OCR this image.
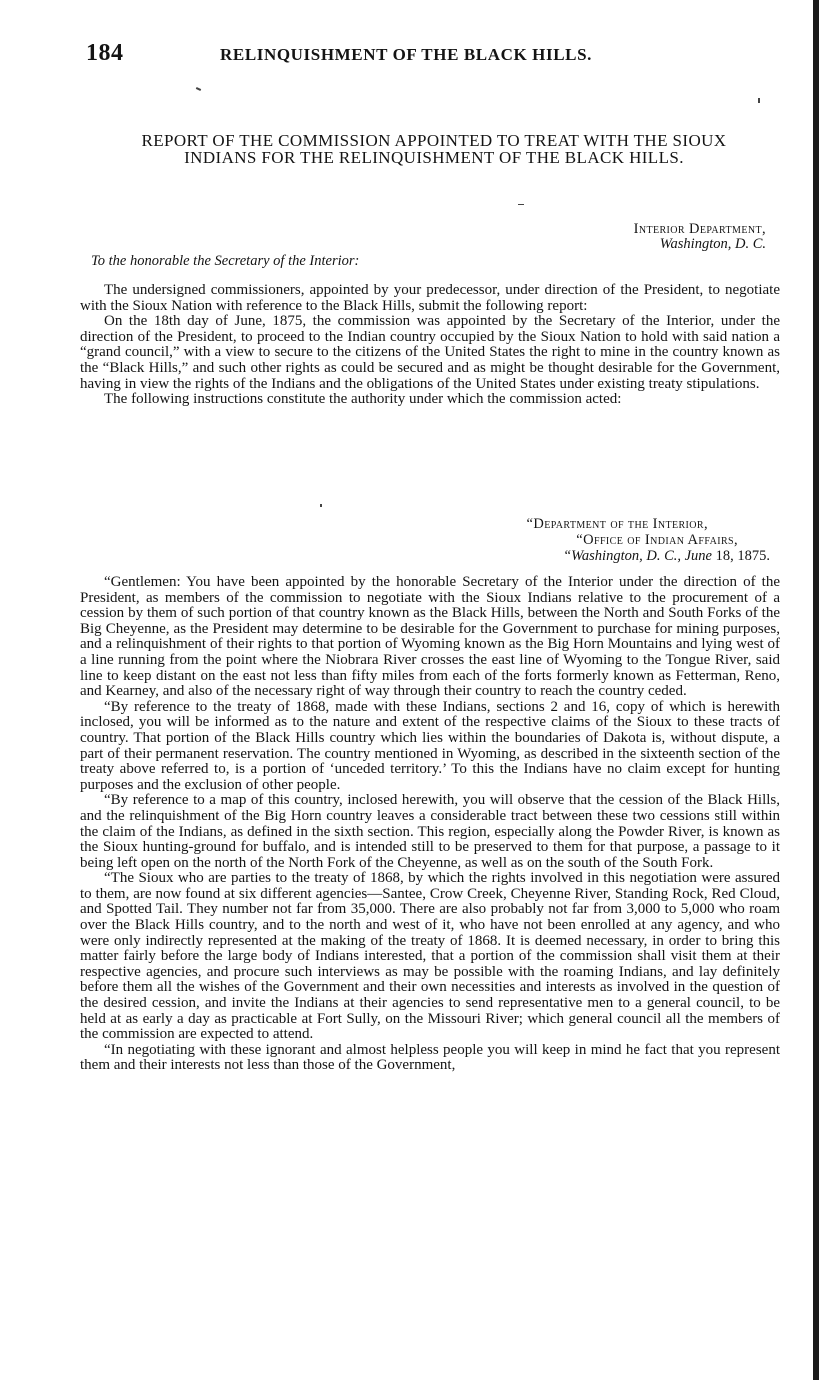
184	RELINQUISHMENT OF THE BLACK HILLS.
REPORT OF THE COMMISSION APPOINTED TO TREAT WITH THE SIOUX
INDIANS FOR THE RELINQUISHMENT OF THE BLACK HILLS.
Interior Department,
Washington, D. C.
To the honorable the Secretary of the Interior:

The undersigned commissioners, appointed by your predecessor, under direction of the President, to negotiate with the Sioux Nation with reference to the Black Hills, submit the following report:

On the 18th day of June, 1875, the commission was appointed by the Secretary of the Interior, under the direction of the President, to proceed to the Indian country occupied by the Sioux Nation to hold with said nation a “grand council,” with a view to secure to the citizens of the United States the right to mine in the country known as the “Black Hills,” and such other rights as could be secured and as might be thought desirable for the Government, having in view the rights of the Indians and the obligations of the United States under existing treaty stipulations.

The following instructions constitute the authority under which the commission acted:

“Department of the Interior,
“Office of Indian Affairs,
“Washington, D. C., June 18, 1875.

“Gentlemen: You have been appointed by the honorable Secretary of the Interior under the direction of the President, as members of the commission to negotiate with the Sioux Indians relative to the procurement of a cession by them of such portion of that country known as the Black Hills, between the North and South Forks of the Big Cheyenne, as the President may determine to be desirable for the Government to purchase for mining purposes, and a relinquishment of their rights to that portion of Wyoming known as the Big Horn Mountains and lying west of a line running from the point where the Niobrara River crosses the east line of Wyoming to the Tongue River, said line to keep distant on the east not less than fifty miles from each of the forts formerly known as Fetterman, Reno, and Kearney, and also of the necessary right of way through their country to reach the country ceded.

“By reference to the treaty of 1868, made with these Indians, sections 2 and 16, copy of which is herewith inclosed, you will be informed as to the nature and extent of the respective claims of the Sioux to these tracts of country. That portion of the Black Hills country which lies within the boundaries of Dakota is, without dispute, a part of their permanent reservation. The country mentioned in Wyoming, as described in the sixteenth section of the treaty above referred to, is a portion of ‘unceded territory.’ To this the Indians have no claim except for hunting purposes and the exclusion of other people.

“By reference to a map of this country, inclosed herewith, you will observe that the cession of the Black Hills, and the relinquishment of the Big Horn country leaves a considerable tract between these two cessions still within the claim of the Indians, as defined in the sixth section. This region, especially along the Powder River, is known as the Sioux hunting-ground for buffalo, and is intended still to be preserved to them for that purpose, a passage to it being left open on the north of the North Fork of the Cheyenne, as well as on the south of the South Fork.

“The Sioux who are parties to the treaty of 1868, by which the rights involved in this negotiation were assured to them, are now found at six different agencies—Santee, Crow Creek, Cheyenne River, Standing Rock, Red Cloud, and Spotted Tail. They number not far from 35,000. There are also probably not far from 3,000 to 5,000 who roam over the Black Hills country, and to the north and west of it, who have not been enrolled at any agency, and who were only indirectly represented at the making of the treaty of 1868. It is deemed necessary, in order to bring this matter fairly before the large body of Indians interested, that a portion of the commission shall visit them at their respective agencies, and procure such interviews as may be possible with the roaming Indians, and lay definitely before them all the wishes of the Government and their own necessities and interests as involved in the question of the desired cession, and invite the Indians at their agencies to send representative men to a general council, to be held at as early a day as practicable at Fort Sully, on the Missouri River; which general council all the members of the commission are expected to attend.

“In negotiating with these ignorant and almost helpless people you will keep in mind he fact that you represent them and their interests not less than those of the Government,
